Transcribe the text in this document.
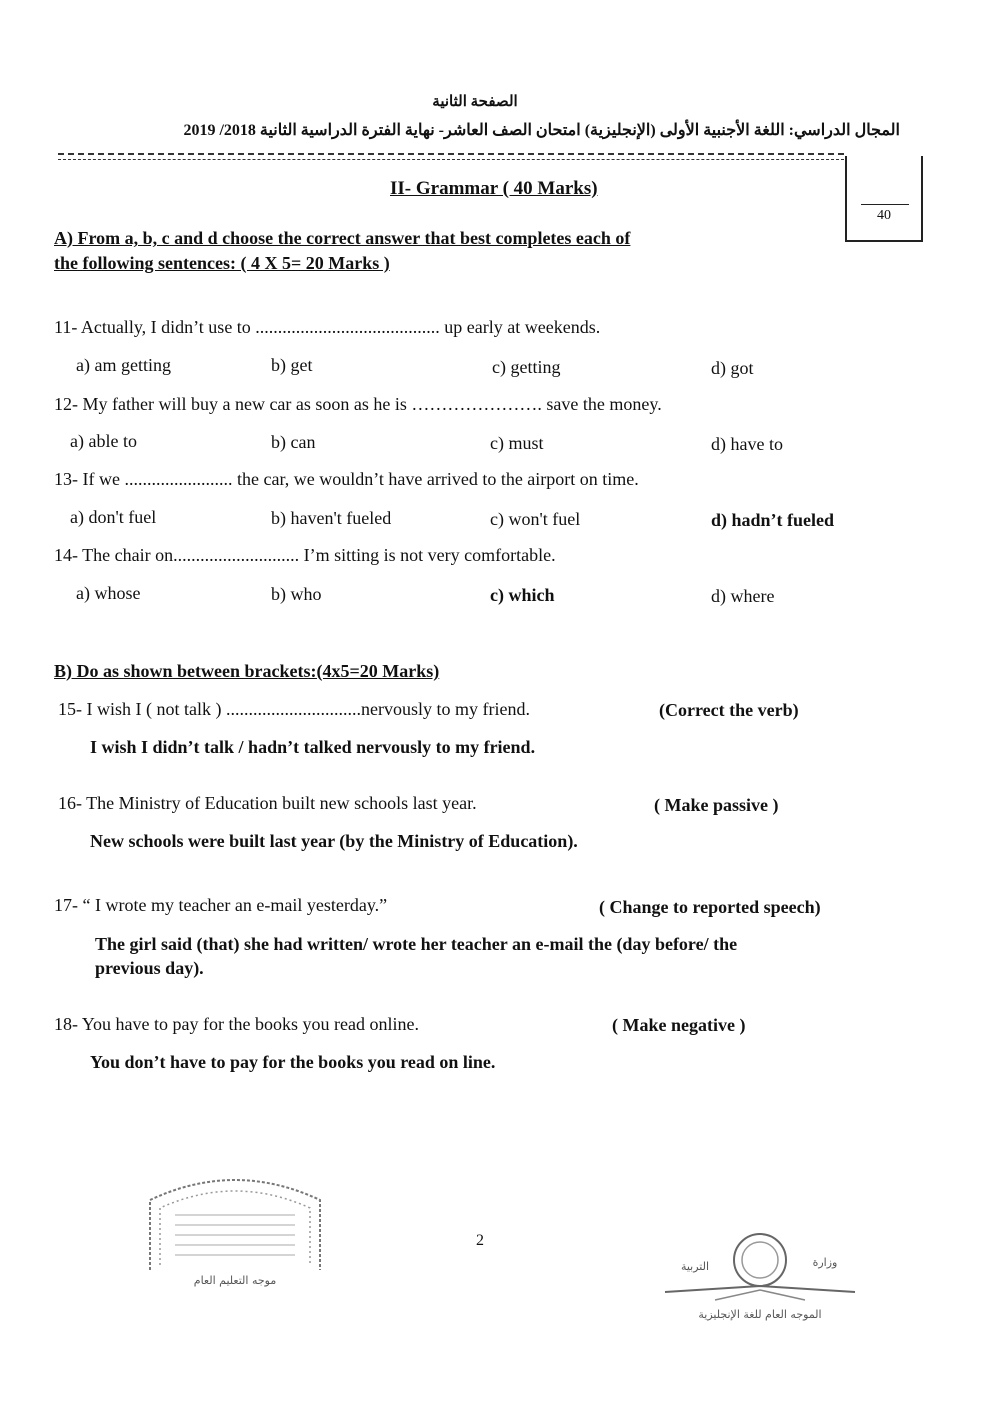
الصفحة الثانية
المجال الدراسي: اللغة الأجنبية الأولى (الإنجليزية) امتحان الصف العاشر- نهاية الفترة الدراسية الثانية 2018/ 2019
40
II- Grammar ( 40 Marks)
A) From a, b, c and d choose the correct answer that best completes each of
the following sentences: ( 4 X 5= 20 Marks )
11- Actually, I didn’t use to ......................................... up early at weekends.
a) am getting	b) get	c) getting	d) got
12- My father will buy a new car as soon as he is …………………. save the money.
a) able to	b) can	c) must	d) have to
13- If we ........................ the car, we wouldn’t have arrived to the airport on time.
a) don't fuel	b) haven't fueled	c) won't fuel	d) hadn’t fueled
14- The chair on............................ I’m sitting is not very comfortable.
a) whose	b) who	c) which	d) where
B) Do as shown between brackets:(4x5=20 Marks)
15- I wish I ( not talk ) ..............................nervously to my friend.	(Correct the verb)
I wish I didn’t talk / hadn’t talked nervously to my friend.
16- The Ministry of Education built new schools last year.	( Make passive )
New schools were built last year (by the Ministry of Education).
17- “ I wrote my teacher an e-mail yesterday.”	( Change to reported speech)
The girl said (that) she had written/ wrote her teacher an e-mail the (day before/ the
previous day).
18- You have to pay for the books you read online.	( Make negative )
You don’t have to pay for the books you read on line.
2
موجه التعليم العام
وزارة
التربية
الموجه العام للغة الإنجليزية
